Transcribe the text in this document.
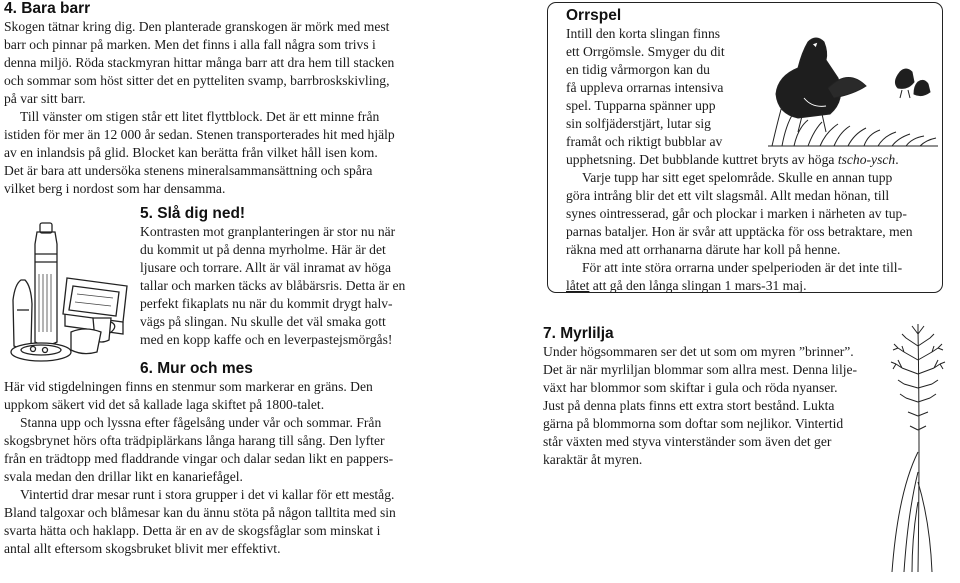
4. Bara barr
Skogen tätnar kring dig. Den planterade granskogen är mörk med mest
barr och pinnar på marken. Men det finns i alla fall några som trivs i
denna miljö. Röda stackmyran hittar många barr att dra hem till stacken
och sommar som höst sitter det en pytteliten svamp, barrbroskskivling,
på var sitt barr.
Till vänster om stigen står ett litet flyttblock. Det är ett minne från
istiden för mer än 12 000 år sedan. Stenen transporterades hit med hjälp
av en inlandsis på glid. Blocket kan berätta från vilket håll isen kom.
Det är bara att undersöka stenens mineralsammansättning och spåra
vilket berg i nordost som har densamma.
5. Slå dig ned!
Kontrasten mot granplanteringen är stor nu när
du kommit ut på denna myrholme. Här är det
ljusare och torrare. Allt är väl inramat av höga
tallar och marken täcks av blåbärsris. Detta är en
perfekt fikaplats nu när du kommit drygt halv-
vägs på slingan. Nu skulle det väl smaka gott
med en kopp kaffe och en leverpastejsmörgås!
6. Mur och mes
Här vid stigdelningen finns en stenmur som markerar en gräns. Den
uppkom säkert vid det så kallade laga skiftet på 1800-talet.
Stanna upp och lyssna efter fågelsång under vår och sommar. Från
skogsbrynet hörs ofta trädpiplärkans långa harang till sång. Den lyfter
från en trädtopp med fladdrande vingar och dalar sedan likt en pappers-
svala medan den drillar likt en kanariefågel.
Vintertid drar mesar runt i stora grupper i det vi kallar för ett meståg.
Bland talgoxar och blåmesar kan du ännu stöta på någon talltita med sin
svarta hätta och haklapp. Detta är en av de skogsfåglar som minskat i
antal allt eftersom skogsbruket blivit mer effektivt.
Orrspel
Intill den korta slingan finns
ett Orrgömsle. Smyger du dit
en tidig vårmorgon kan du
få uppleva orrarnas intensiva
spel. Tupparna spänner upp
sin solfjäderstjärt, lutar sig
framåt och riktigt bubblar av
upphetsning. Det bubblande kuttret bryts av höga tscho-ysch.
Varje tupp har sitt eget spelområde. Skulle en annan tupp
göra intrång blir det ett vilt slagsmål. Allt medan hönan, till
synes ointresserad, går och plockar i marken i närheten av tup-
parnas bataljer. Hon är svår att upptäcka för oss betraktare, men
räkna med att orrhanarna därute har koll på henne.
För att inte störa orrarna under spelperioden är det inte till-
låtet att gå den långa slingan 1 mars-31 maj.
7. Myrlilja
Under högsommaren ser det ut som om myren ”brinner”.
Det är när myrliljan blommar som allra mest. Denna lilje-
växt har blommor som skiftar i gula och röda nyanser.
Just på denna plats finns ett extra stort bestånd. Lukta
gärna på blommorna som doftar som nejlikor. Vintertid
står växten med styva vinterständer som även det ger
karaktär åt myren.
